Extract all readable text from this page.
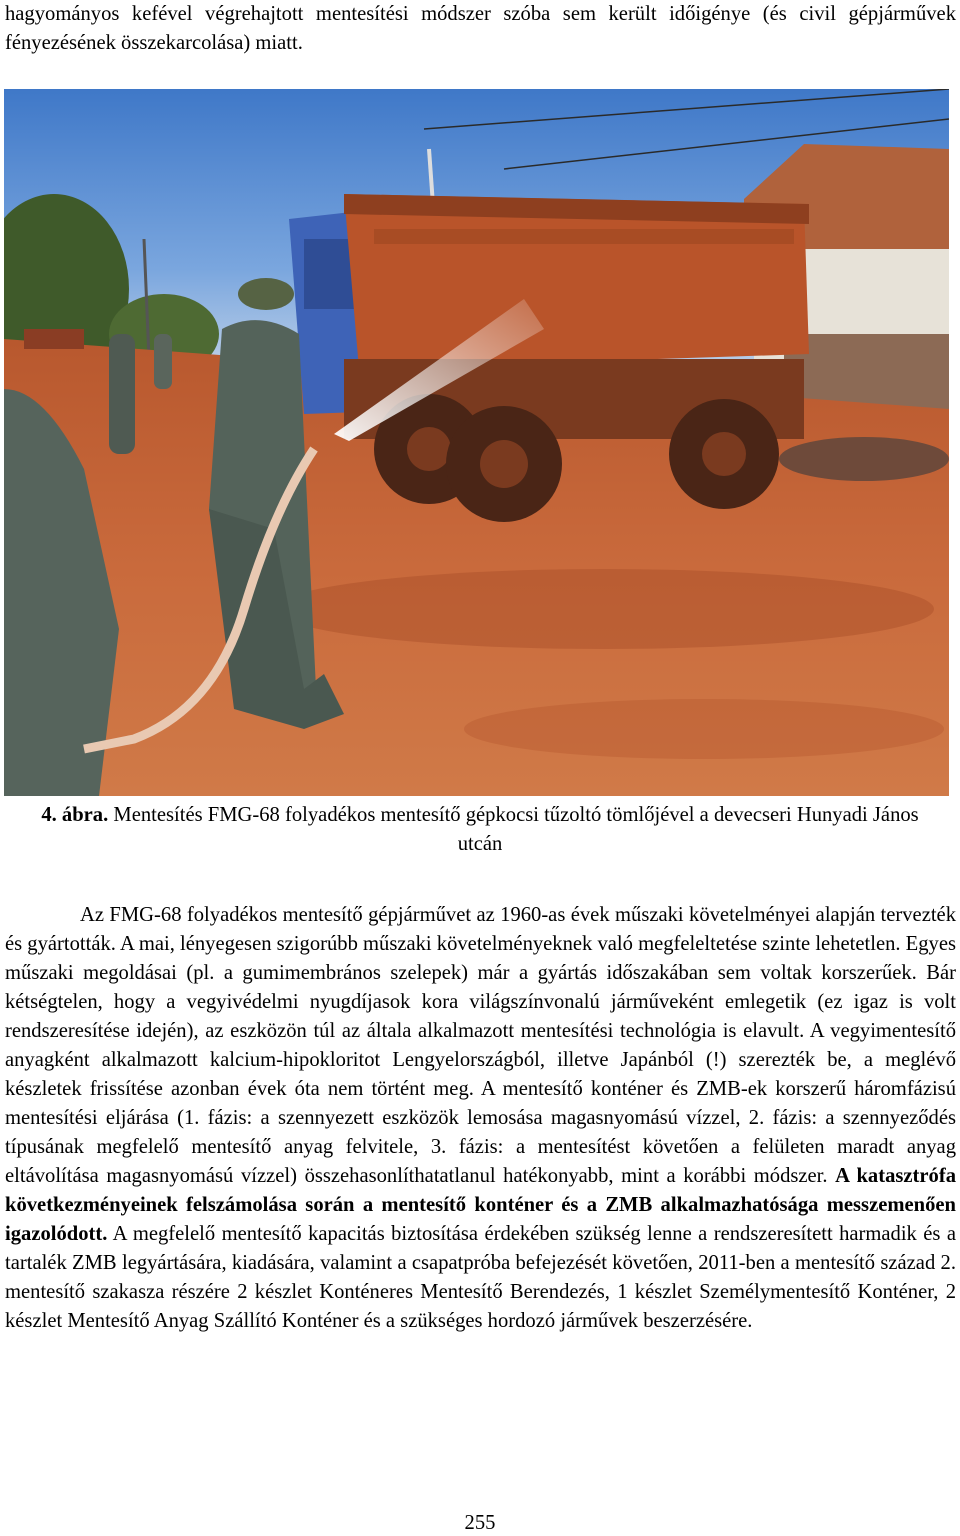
hagyományos kefével végrehajtott mentesítési módszer szóba sem került időigénye (és civil gépjárművek fényezésének összekarcolása) miatt.
4. ábra. Mentesítés FMG-68 folyadékos mentesítő gépkocsi tűzoltó tömlőjével a devecseri Hunyadi János utcán

Az FMG-68 folyadékos mentesítő gépjárművet az 1960-as évek műszaki követelményei alapján tervezték és gyártották. A mai, lényegesen szigorúbb műszaki követelményeknek való megfeleltetése szinte lehetetlen. Egyes műszaki megoldásai (pl. a gumimembrános szelepek) már a gyártás időszakában sem voltak korszerűek. Bár kétségtelen, hogy a vegyivédelmi nyugdíjasok kora világszínvonalú járműveként emlegetik (ez igaz is volt rendszeresítése idején), az eszközön túl az általa alkalmazott mentesítési technológia is elavult. A vegyimentesítő anyagként alkalmazott kalcium-hipokloritot Lengyelországból, illetve Japánból (!) szerezték be, a meglévő készletek frissítése azonban évek óta nem történt meg. A mentesítő konténer és ZMB-ek korszerű háromfázisú mentesítési eljárása (1. fázis: a szennyezett eszközök lemosása magasnyomású vízzel, 2. fázis: a szennyeződés típusának megfelelő mentesítő anyag felvitele, 3. fázis: a mentesítést követően a felületen maradt anyag eltávolítása magasnyomású vízzel) összehasonlíthatatlanul hatékonyabb, mint a korábbi módszer. A katasztrófa következményeinek felszámolása során a mentesítő konténer és a ZMB alkalmazhatósága messzemenően igazolódott. A megfelelő mentesítő kapacitás biztosítása érdekében szükség lenne a rendszeresített harmadik és a tartalék ZMB legyártására, kiadására, valamint a csapatpróba befejezését követően, 2011-ben a mentesítő század 2. mentesítő szakasza részére 2 készlet Konténeres Mentesítő Berendezés, 1 készlet Személymentesítő Konténer, 2 készlet Mentesítő Anyag Szállító Konténer és a szükséges hordozó járművek beszerzésére.

255
